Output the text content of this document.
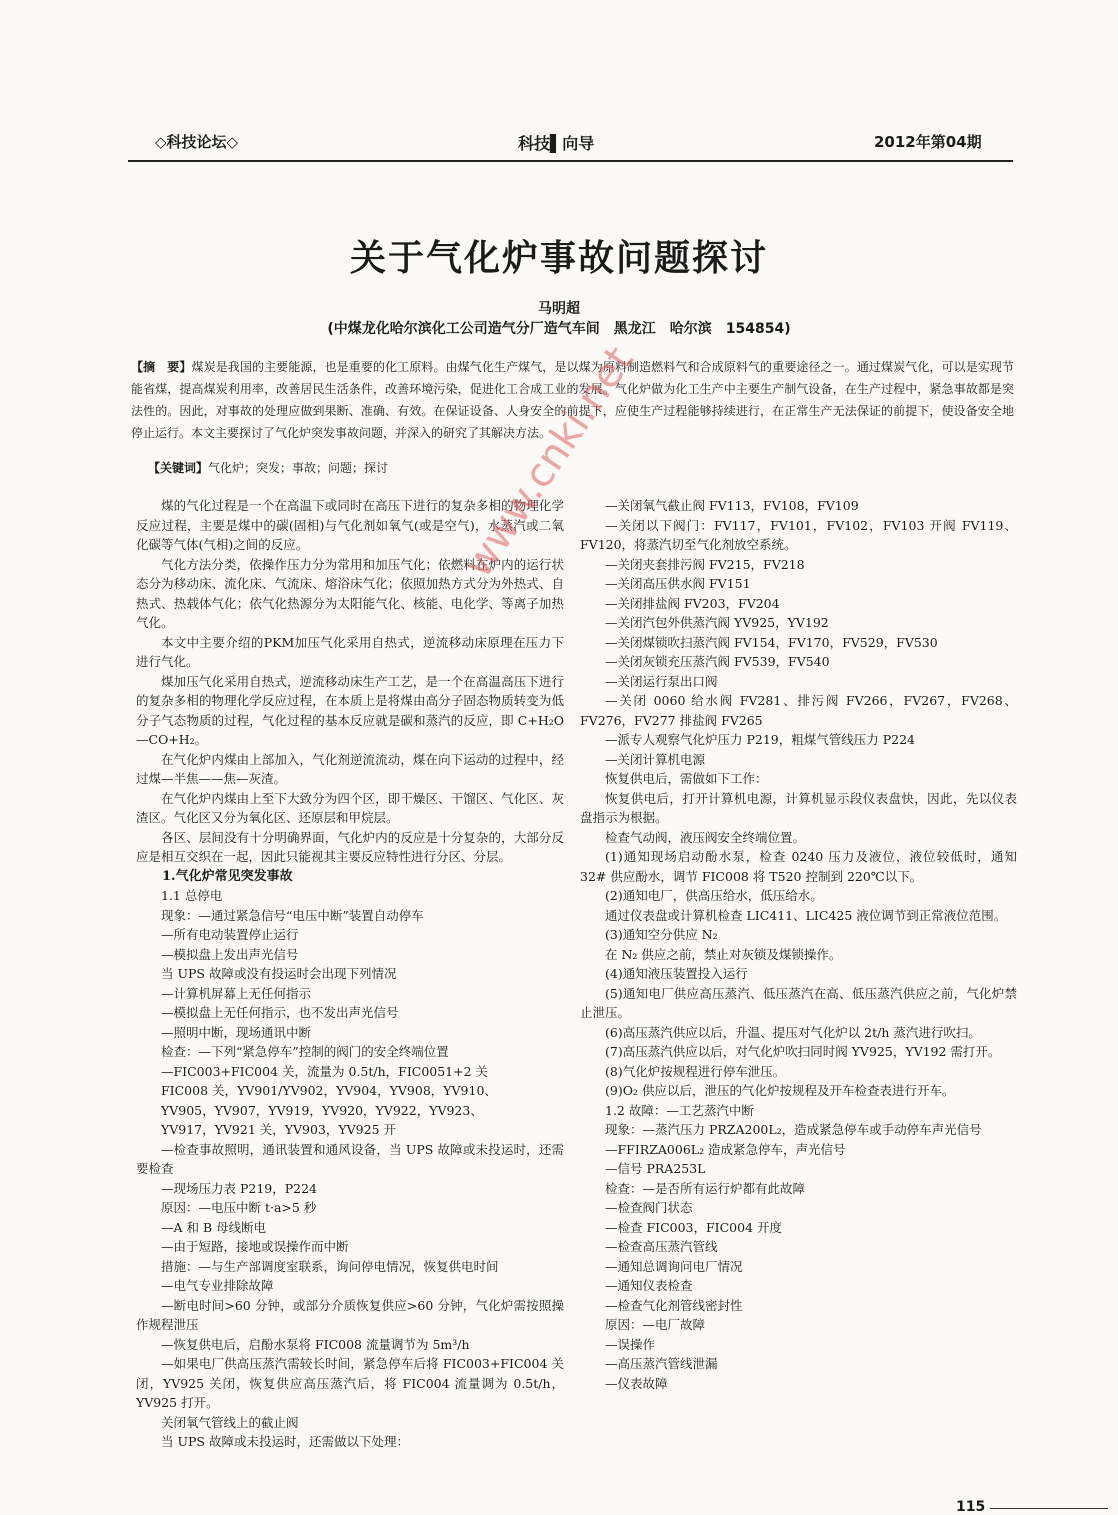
◇科技论坛◇	科技▌向导	2012年第04期
关于气化炉事故问题探讨
马明超
(中煤龙化哈尔滨化工公司造气分厂造气车间　黑龙江　哈尔滨　154854)
【摘　要】煤炭是我国的主要能源，也是重要的化工原料。由煤气化生产煤气，是以煤为原料制造燃料气和合成原料气的重要途径之一。通过煤炭气化，可以是实现节能省煤，提高煤炭利用率，改善居民生活条件，改善环境污染，促进化工合成工业的发展。气化炉做为化工生产中主要生产制气设备，在生产过程中，紧急事故都是突法性的。因此，对事故的处理应做到果断、准确、有效。在保证设备、人身安全的前提下，应使生产过程能够持续进行，在正常生产无法保证的前提下，使设备安全地停止运行。本文主要探讨了气化炉突发事故问题，并深入的研究了其解决方法。
【关键词】气化炉；突发；事故；问题；探讨

煤的气化过程是一个在高温下或同时在高压下进行的复杂多相的物理化学反应过程，主要是煤中的碳(固相)与气化剂如氧气(或是空气)，水蒸汽或二氧化碳等气体(气相)之间的反应。

气化方法分类，依操作压力分为常用和加压气化；依燃料在炉内的运行状态分为移动床、流化床、气流床、熔浴床气化；依照加热方式分为外热式、自热式、热载体气化；依气化热源分为太阳能气化、核能、电化学、等离子加热气化。

本文中主要介绍的PKM加压气化采用自热式，逆流移动床原理在压力下进行气化。

煤加压气化采用自热式，逆流移动床生产工艺，是一个在高温高压下进行的复杂多相的物理化学反应过程，在本质上是将煤由高分子固态物质转变为低分子气态物质的过程，气化过程的基本反应就是碳和蒸汽的反应，即 C+H₂O—CO+H₂。

在气化炉内煤由上部加入，气化剂逆流流动，煤在向下运动的过程中，经过煤—半焦——焦—灰渣。

在气化炉内煤由上至下大致分为四个区，即干燥区、干馏区、气化区、灰渣区。气化区又分为氧化区、还原层和甲烷层。

各区、层间没有十分明确界面，气化炉内的反应是十分复杂的，大部分反应是相互交织在一起，因此只能视其主要反应特性进行分区、分层。

1.气化炉常见突发事故

1.1 总停电

现象：—通过紧急信号“电压中断”装置自动停车

—所有电动装置停止运行

—模拟盘上发出声光信号

当 UPS 故障或没有投运时会出现下列情况

—计算机屏幕上无任何指示

—模拟盘上无任何指示，也不发出声光信号

—照明中断，现场通讯中断

检查：—下列“紧急停车”控制的阀门的安全终端位置

—FIC003+FIC004 关，流量为 0.5t/h，FIC0051+2 关

FIC008 关，YV901/YV902，YV904，YV908，YV910、

YV905，YV907，YV919，YV920，YV922，YV923、

YV917，YV921 关，YV903，YV925 开

—检查事故照明，通讯装置和通风设备，当 UPS 故障或未投运时，还需要检查

—现场压力表 P219，P224

原因：—电压中断 t·a>5 秒

—A 和 B 母线断电

—由于短路，接地或误操作而中断

措施：—与生产部调度室联系，询问停电情况，恢复供电时间

—电气专业排除故障

—断电时间>60 分钟，或部分介质恢复供应>60 分钟，气化炉需按照操作规程泄压

—恢复供电后，启酚水泵将 FIC008 流量调节为 5m³/h

—如果电厂供高压蒸汽需较长时间，紧急停车后将 FIC003+FIC004 关闭，YV925 关闭，恢复供应高压蒸汽后，将 FIC004 流量调为 0.5t/h，YV925 打开。

关闭氧气管线上的截止阀

当 UPS 故障或未投运时，还需做以下处理：

—关闭氧气截止阀 FV113，FV108，FV109

—关闭以下阀门：FV117，FV101，FV102，FV103 开阀 FV119、FV120，将蒸汽切至气化剂放空系统。

—关闭夹套排污阀 FV215，FV218

—关闭高压供水阀 FV151

—关闭排盐阀 FV203，FV204

—关闭汽包外供蒸汽阀 YV925，YV192

—关闭煤锁吹扫蒸汽阀 FV154，FV170，FV529，FV530

—关闭灰锁充压蒸汽阀 FV539，FV540

—关闭运行泵出口阀

—关闭 0060 给水阀 FV281、排污阀 FV266，FV267，FV268、FV276，FV277 排盐阀 FV265

—派专人观察气化炉压力 P219，粗煤气管线压力 P224

—关闭计算机电源

恢复供电后，需做如下工作：

恢复供电后，打开计算机电源，计算机显示段仪表盘快，因此，先以仪表盘指示为根据。

检查气动阀，液压阀安全终端位置。

(1)通知现场启动酚水泵，检查 0240 压力及液位，液位较低时，通知 32# 供应酚水，调节 FIC008 将 T520 控制到 220℃以下。

(2)通知电厂，供高压给水，低压给水。

通过仪表盘或计算机检查 LIC411、LIC425 液位调节到正常液位范围。

(3)通知空分供应 N₂

在 N₂ 供应之前，禁止对灰锁及煤锁操作。

(4)通知液压装置投入运行

(5)通知电厂供应高压蒸汽、低压蒸汽在高、低压蒸汽供应之前，气化炉禁止泄压。

(6)高压蒸汽供应以后，升温、提压对气化炉以 2t/h 蒸汽进行吹扫。

(7)高压蒸汽供应以后，对气化炉吹扫同时阀 YV925，YV192 需打开。

(8)气化炉按规程进行停车泄压。

(9)O₂ 供应以后，泄压的气化炉按规程及开车检查表进行开车。

1.2 故障：—工艺蒸汽中断

现象：—蒸汽压力 PRZA200L₂，造成紧急停车或手动停车声光信号

—FFIRZA006L₂ 造成紧急停车，声光信号

—信号 PRA253L

检查：—是否所有运行炉都有此故障

—检查阀门状态

—检查 FIC003，FIC004 开度

—检查高压蒸汽管线

—通知总调询问电厂情况

—通知仪表检查

—检查气化剂管线密封性

原因：—电厂故障

—误操作

—高压蒸汽管线泄漏

—仪表故障

www.cnki.net
115
